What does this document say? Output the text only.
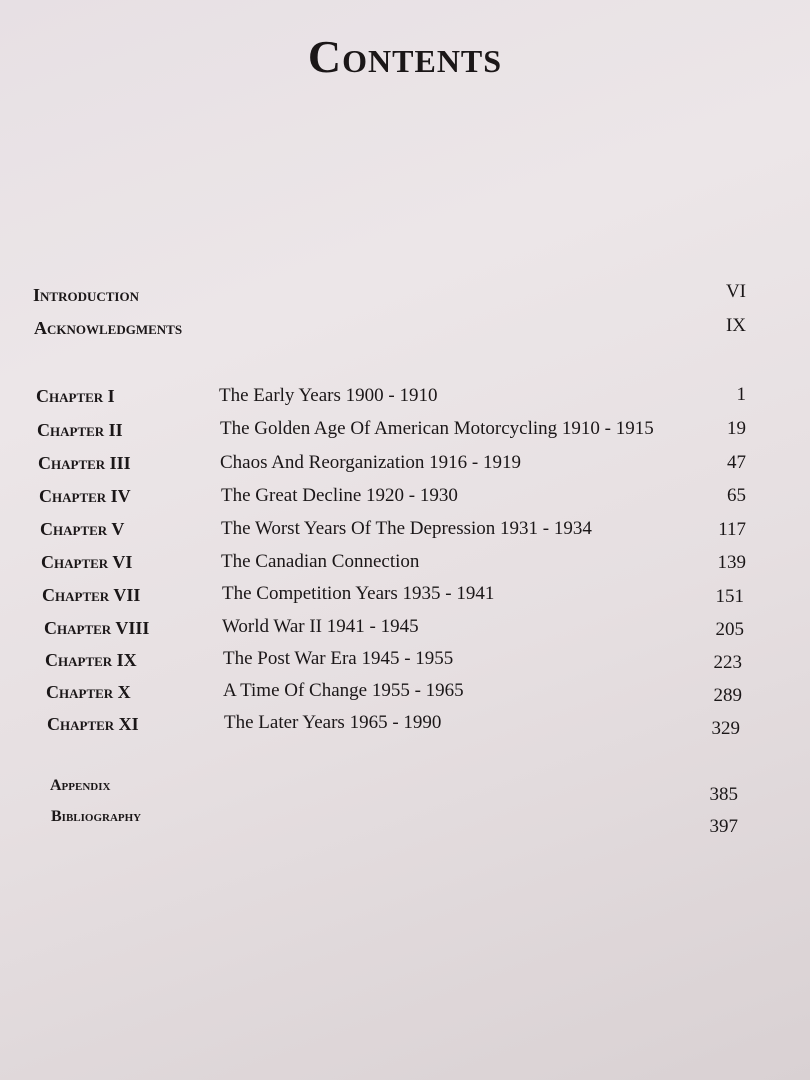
Contents
Introduction	VI
Acknowledgments	IX
Chapter I	The Early Years 1900 - 1910	1
Chapter II	The Golden Age Of American Motorcycling 1910 - 1915	19
Chapter III	Chaos And Reorganization 1916 - 1919	47
Chapter IV	The Great Decline 1920 - 1930	65
Chapter V	The Worst Years Of The Depression 1931 - 1934	117
Chapter VI	The Canadian Connection	139
Chapter VII	The Competition Years 1935 - 1941	151
Chapter VIII	World War II 1941 - 1945	205
Chapter IX	The Post War Era 1945 - 1955	223
Chapter X	A Time Of Change 1955 - 1965	289
Chapter XI	The Later Years 1965 - 1990	329
Appendix	385
Bibliography	397
